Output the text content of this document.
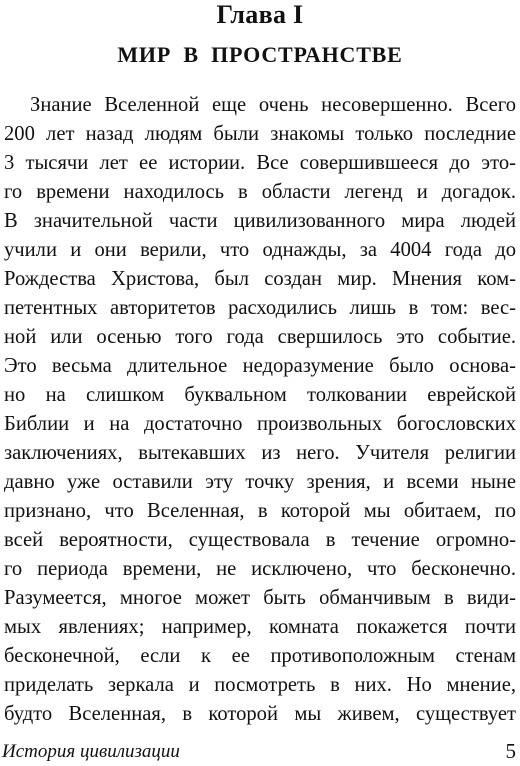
Глава I
МИР В ПРОСТРАНСТВЕ
Знание Вселенной еще очень несовершенно. Всего
200 лет назад людям были знакомы только последние
3 тысячи лет ее истории. Все совершившееся до это-
го времени находилось в области легенд и догадок.
В значительной части цивилизованного мира людей
учили и они верили, что однажды, за 4004 года до
Рождества Христова, был создан мир. Мнения ком-
петентных авторитетов расходились лишь в том: вес-
ной или осенью того года свершилось это событие.
Это весьма длительное недоразумение было основа-
но на слишком буквальном толковании еврейской
Библии и на достаточно произвольных богословских
заключениях, вытекавших из него. Учителя религии
давно уже оставили эту точку зрения, и всеми ныне
признано, что Вселенная, в которой мы обитаем, по
всей вероятности, существовала в течение огромно-
го периода времени, не исключено, что бесконечно.
Разумеется, многое может быть обманчивым в види-
мых явлениях; например, комната покажется почти
бесконечной, если к ее противоположным стенам
приделать зеркала и посмотреть в них. Но мнение,
будто Вселенная, в которой мы живем, существует
История цивилизации	5
